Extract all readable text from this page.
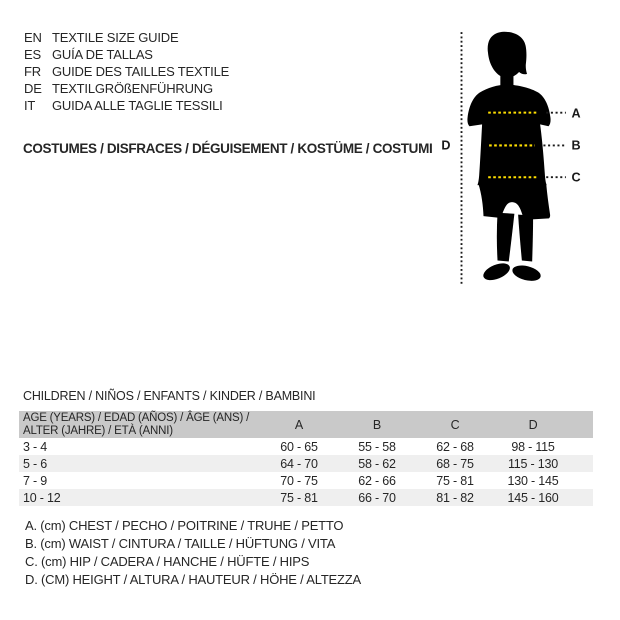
EN TEXTILE SIZE GUIDE
ES GUÍA DE TALLAS
FR GUIDE DES TAILLES TEXTILE
DE TEXTILGRÖßENFÜHRUNG
IT	GUIDA ALLE TAGLIE TESSILI
COSTUMES / DISFRACES / DÉGUISEMENT / KOSTÜME / COSTUMI
A
B
C
D
CHILDREN / NIÑOS / ENFANTS / KINDER / BAMBINI
AGE (YEARS) / EDAD (AÑOS) / ÂGE (ANS) /
ALTER (JAHRE) / ETÀ (ANNI)	A	B	C	D
3 - 4	60 - 65	55 - 58	62 - 68	98 - 115
5 - 6	64 - 70	58 - 62	68 - 75	115 - 130
7 - 9	70 - 75	62 - 66	75 - 81	130 - 145
10 - 12	75 - 81	66 - 70	81 - 82	145 - 160
A. (cm) CHEST / PECHO / POITRINE / TRUHE / PETTO
B. (cm) WAIST / CINTURA / TAILLE / HÜFTUNG / VITA
C. (cm) HIP / CADERA / HANCHE / HÜFTE / HIPS
D. (CM) HEIGHT / ALTURA / HAUTEUR / HÖHE / ALTEZZA
